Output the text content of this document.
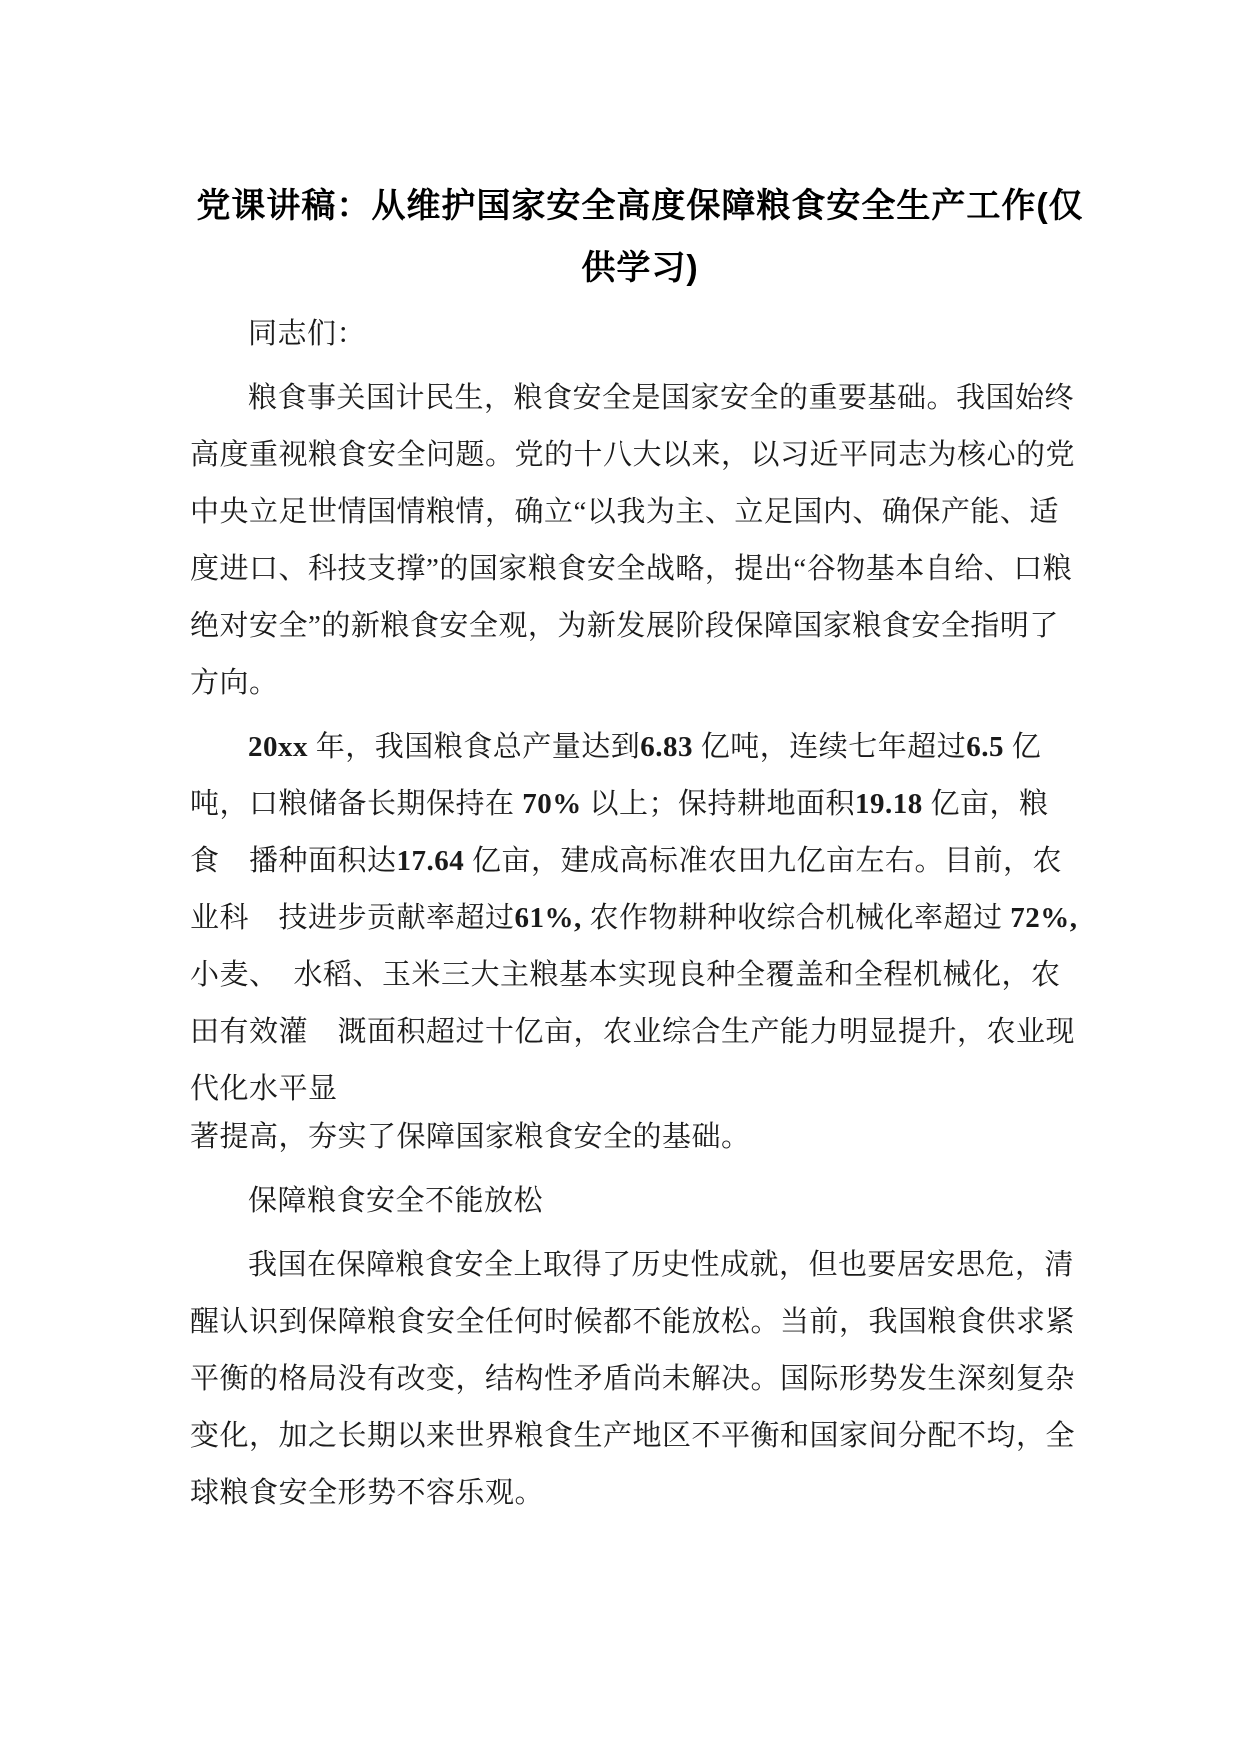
党课讲稿：从维护国家安全高度保障粮食安全生产工作(仅
供学习)
同志们：
粮食事关国计民生，粮食安全是国家安全的重要基础。我国始终
高度重视粮食安全问题。党的十八大以来，以习近平同志为核心的党
中央立足世情国情粮情，确立“以我为主、立足国内、确保产能、适
度进口、科技支撑”的国家粮食安全战略，提出“谷物基本自给、口粮
绝对安全”的新粮食安全观，为新发展阶段保障国家粮食安全指明了
方向。
20xx 年，我国粮食总产量达到6.83 亿吨，连续七年超过6.5 亿
吨，口粮储备长期保持在 70% 以上；保持耕地面积19.18 亿亩，粮
食　播种面积达17.64 亿亩，建成高标准农田九亿亩左右。目前，农
业科　技进步贡献率超过61%, 农作物耕种收综合机械化率超过 72%,
小麦、　水稻、玉米三大主粮基本实现良种全覆盖和全程机械化，农
田有效灌　溉面积超过十亿亩，农业综合生产能力明显提升，农业现
代化水平显
著提高，夯实了保障国家粮食安全的基础。
保障粮食安全不能放松
我国在保障粮食安全上取得了历史性成就，但也要居安思危，清
醒认识到保障粮食安全任何时候都不能放松。当前，我国粮食供求紧
平衡的格局没有改变，结构性矛盾尚未解决。国际形势发生深刻复杂
变化，加之长期以来世界粮食生产地区不平衡和国家间分配不均，全
球粮食安全形势不容乐观。
